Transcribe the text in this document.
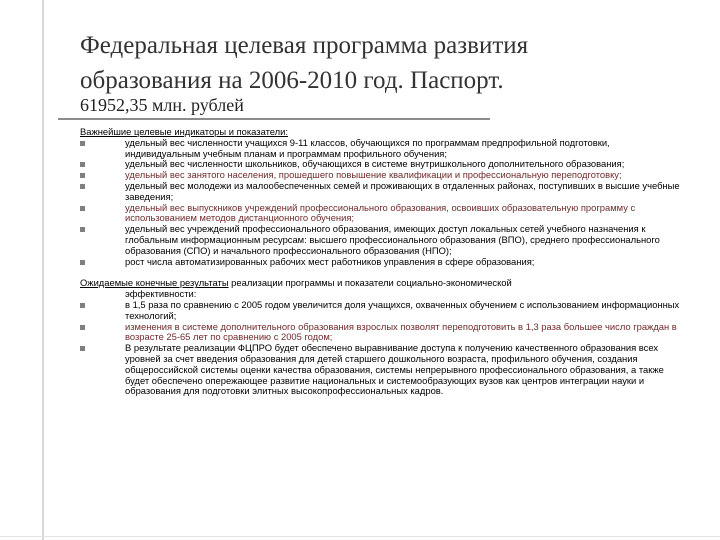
Федеральная целевая программа развития
образования на 2006-2010 год. Паспорт.
61952,35 млн. рублей
Важнейшие целевые индикаторы и показатели:
удельный вес численности учащихся 9-11 классов, обучающихся по программам предпрофильной подготовки, индивидуальным учебным планам и программам профильного обучения;
удельный вес численности школьников, обучающихся в системе внутришкольного дополнительного образования;
удельный вес занятого населения, прошедшего повышение квалификации и профессиональную переподготовку;
удельный вес молодежи из малообеспеченных семей и проживающих в отдаленных районах, поступивших в высшие учебные заведения;
удельный вес выпускников учреждений профессионального образования, освоивших образовательную программу с использованием методов дистанционного обучения;
удельный вес учреждений профессионального образования, имеющих доступ локальных сетей учебного назначения к глобальным информационным ресурсам: высшего профессионального образования (ВПО), среднего профессионального образования (СПО) и начального профессионального образования (НПО);
рост числа автоматизированных рабочих мест работников управления в сфере образования;
Ожидаемые конечные результаты реализации программы и показатели социально-экономической
эффективности:
в 1,5 раза по сравнению с 2005 годом увеличится доля учащихся, охваченных обучением с использованием информационных технологий;
изменения в системе дополнительного образования взрослых позволят переподготовить в 1,3 раза большее число граждан в возрасте 25-65 лет по сравнению с 2005 годом;
В результате реализации ФЦПРО будет обеспечено выравнивание доступа к получению качественного образования всех уровней за счет введения образования для детей старшего дошкольного возраста, профильного обучения, создания общероссийской системы оценки качества образования, системы непрерывного профессионального образования, а также будет обеспечено опережающее развитие национальных и системообразующих вузов как центров интеграции науки и образования для подготовки элитных высокопрофессиональных кадров.
